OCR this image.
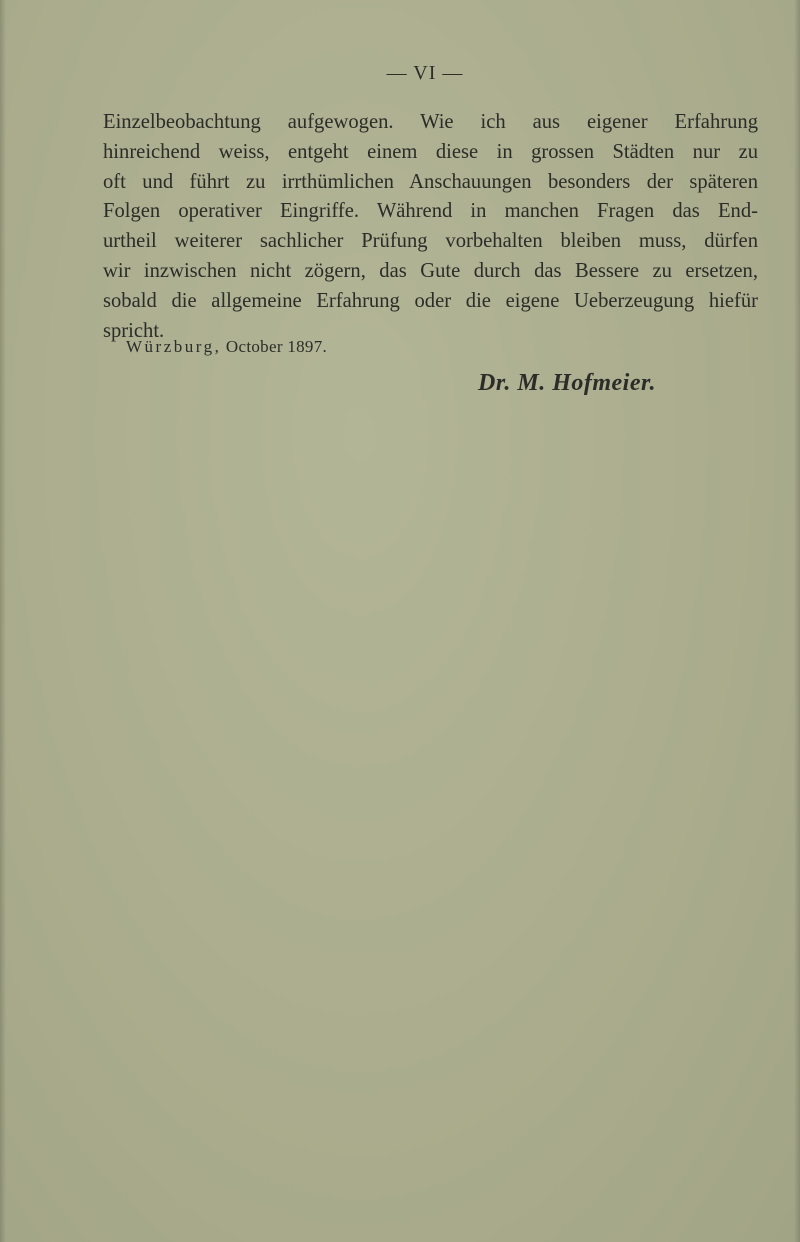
— VI —
Einzelbeobachtung aufgewogen. Wie ich aus eigener Erfahrung
hinreichend weiss, entgeht einem diese in grossen Städten nur zu
oft und führt zu irrthümlichen Anschauungen besonders der späteren
Folgen operativer Eingriffe. Während in manchen Fragen das End-
urtheil weiterer sachlicher Prüfung vorbehalten bleiben muss, dürfen
wir inzwischen nicht zögern, das Gute durch das Bessere zu ersetzen,
sobald die allgemeine Erfahrung oder die eigene Ueberzeugung hiefür
spricht.
Würzburg, October 1897.
Dr. M. Hofmeier.
